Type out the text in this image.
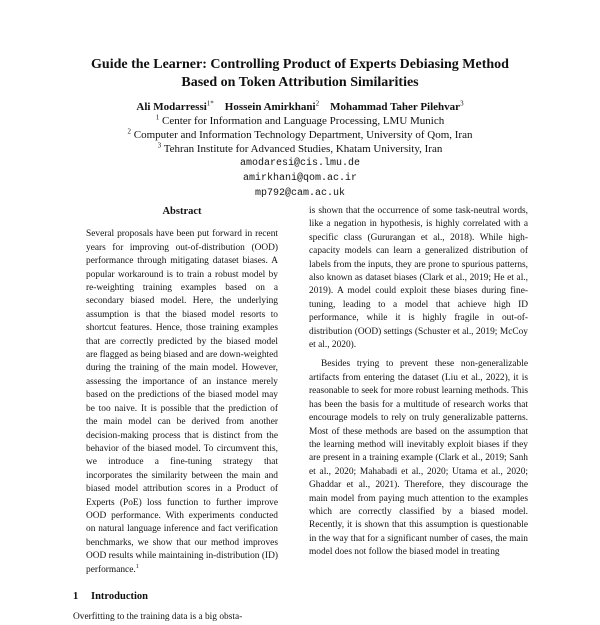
Guide the Learner: Controlling Product of Experts Debiasing Method
Based on Token Attribution Similarities
Ali Modarressi$^{1*}$ Hossein Amirkhani$^2$ Mohammad Taher Pilehvar$^3$
$^1$ Center for Information and Language Processing, LMU Munich
$^2$ Computer and Information Technology Department, University of Qom, Iran
$^3$ Tehran Institute for Advanced Studies, Khatam University, Iran
amodaresi@cis.lmu.de
amirkhani@qom.ac.ir
mp792@cam.ac.uk
Abstract
Several proposals have been put forward in recent years for improving out-of-distribution (OOD) performance through mitigating dataset biases. A popular workaround is to train a robust model by re-weighting training examples based on a secondary biased model. Here, the underlying assumption is that the biased model resorts to shortcut features. Hence, those training examples that are correctly predicted by the biased model are flagged as being biased and are down-weighted during the training of the main model. However, assessing the importance of an instance merely based on the predictions of the biased model may be too naive. It is possible that the prediction of the main model can be derived from another decision-making process that is distinct from the behavior of the biased model. To circumvent this, we introduce a fine-tuning strategy that incorporates the similarity between the main and biased model attribution scores in a Product of Experts (PoE) loss function to further improve OOD performance. With experiments conducted on natural language inference and fact verification benchmarks, we show that our method improves OOD results while maintaining in-distribution (ID) performance.$^1$
1 Introduction

Overfitting to the training data is a big obsta-

is shown that the occurrence of some task-neutral words, like a negation in hypothesis, is highly correlated with a specific class (Gururangan et al., 2018). While high-capacity models can learn a generalized distribution of labels from the inputs, they are prone to spurious patterns, also known as dataset biases (Clark et al., 2019; He et al., 2019). A model could exploit these biases during fine-tuning, leading to a model that achieve high ID performance, while it is highly fragile in out-of-distribution (OOD) settings (Schuster et al., 2019; McCoy et al., 2020).

Besides trying to prevent these non-generalizable artifacts from entering the dataset (Liu et al., 2022), it is reasonable to seek for more robust learning methods. This has been the basis for a multitude of research works that encourage models to rely on truly generalizable patterns. Most of these methods are based on the assumption that the learning method will inevitably exploit biases if they are present in a training example (Clark et al., 2019; Sanh et al., 2020; Mahabadi et al., 2020; Utama et al., 2020; Ghaddar et al., 2021). Therefore, they discourage the main model from paying much attention to the examples which are correctly classified by a biased model. Recently, it is shown that this assumption is questionable in the way that for a significant number of cases, the main model does not follow the biased model in treating
